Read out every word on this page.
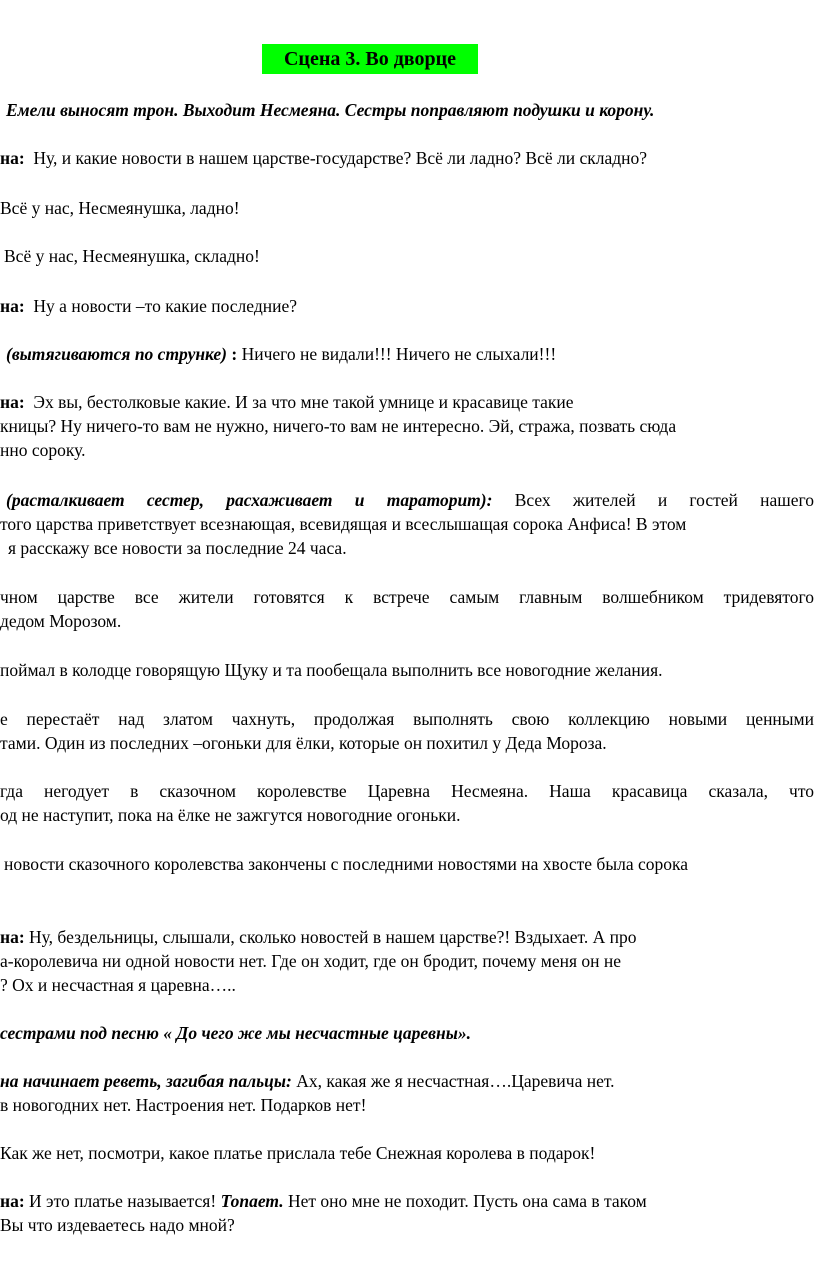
Сцена 3. Во дворце
Емели выносят трон. Выходит Несмеяна. Сестры поправляют подушки и корону.
на: Ну, и какие новости в нашем царстве-государстве? Всё ли ладно? Всё ли складно?
Всё у нас, Несмеянушка, ладно!
Всё у нас, Несмеянушка, складно!
на: Ну а новости –то какие последние?
(вытягиваются по струнке) : Ничего не видали!!! Ничего не слыхали!!!
на: Эх вы, бестолковые какие. И за что мне такой умнице и красавице такие
кницы? Ну ничего-то вам не нужно, ничего-то вам не интересно. Эй, стража, позвать сюда
нно сороку.
(расталкивает сестер, расхаживает и тараторит): Всех жителей и гостей нашего
того царства приветствует всезнающая, всевидящая и всеслышащая сорока Анфиса! В этом
я расскажу все новости за последние 24 часа.
чном царстве все жители готовятся к встрече самым главным волшебником тридевятого
дедом Морозом.
поймал в колодце говорящую Щуку и та пообещала выполнить все новогодние желания.
е перестаёт над златом чахнуть, продолжая выполнять свою коллекцию новыми ценными
тами. Один из последних –огоньки для ёлки, которые он похитил у Деда Мороза.
гда негодует в сказочном королевстве Царевна Несмеяна. Наша красавица сказала, что
од не наступит, пока на ёлке не зажгутся новогодние огоньки.
новости сказочного королевства закончены с последними новостями на хвосте была сорока
на: Ну, бездельницы, слышали, сколько новостей в нашем царстве?! Вздыхает. А про
а-королевича ни одной новости нет. Где он ходит, где он бродит, почему меня он не
? Ох и несчастная я царевна…..
сестрами под песню « До чего же мы несчастные царевны».
на начинает реветь, загибая пальцы: Ах, какая же я несчастная….Царевича нет.
в новогодних нет. Настроения нет. Подарков нет!
Как же нет, посмотри, какое платье прислала тебе Снежная королева в подарок!
на: И это платье называется! Топает. Нет оно мне не походит. Пусть она сама в таком
Вы что издеваетесь надо мной?
